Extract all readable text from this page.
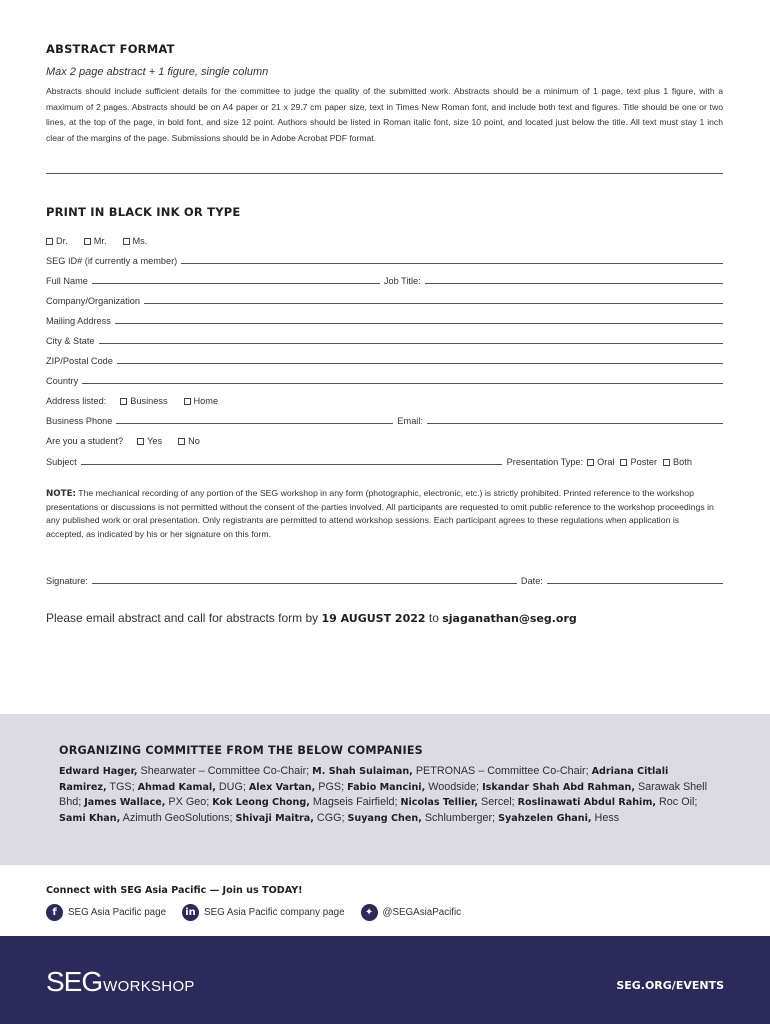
ABSTRACT FORMAT
Max 2 page abstract + 1 figure, single column
Abstracts should include sufficient details for the committee to judge the quality of the submitted work. Abstracts should be a minimum of 1 page, text plus 1 figure, with a maximum of 2 pages. Abstracts should be on A4 paper or 21 x 29.7 cm paper size, text in Times New Roman font, and include both text and figures. Title should be one or two lines, at the top of the page, in bold font, and size 12 point. Authors should be listed in Roman italic font, size 10 point, and located just below the title. All text must stay 1 inch clear of the margins of the page. Submissions should be in Adobe Acrobat PDF format.
PRINT IN BLACK INK OR TYPE
Dr.	Mr.	Ms.
SEG ID# (if currently a member)
Full Name	Job Title:
Company/Organization
Mailing Address
City & State
ZIP/Postal Code
Country
Address listed:	Business	Home
Business Phone	Email:
Are you a student?	Yes	No
Subject	Presentation Type:	Oral Poster Both
NOTE: The mechanical recording of any portion of the SEG workshop in any form (photographic, electronic, etc.) is strictly prohibited. Printed reference to the workshop presentations or discussions is not permitted without the consent of the parties involved. All participants are requested to omit public reference to the workshop proceedings in any published work or oral presentation. Only registrants are permitted to attend workshop sessions. Each participant agrees to these regulations when application is accepted, as indicated by his or her signature on this form.
Signature:	Date:
Please email abstract and call for abstracts form by 19 AUGUST 2022 to sjaganathan@seg.org
ORGANIZING COMMITTEE FROM THE BELOW COMPANIES
Edward Hager, Shearwater – Committee Co-Chair; M. Shah Sulaiman, PETRONAS – Committee Co-Chair; Adriana Citlali Ramirez, TGS; Ahmad Kamal, DUG; Alex Vartan, PGS; Fabio Mancini, Woodside; Iskandar Shah Abd Rahman, Sarawak Shell Bhd; James Wallace, PX Geo; Kok Leong Chong, Magseis Fairfield; Nicolas Tellier, Sercel; Roslinawati Abdul Rahim, Roc Oil; Sami Khan, Azimuth GeoSolutions; Shivaji Maitra, CGG; Suyang Chen, Schlumberger; Syahzelen Ghani, Hess
Connect with SEG Asia Pacific — Join us TODAY!
f	SEG Asia Pacific page	in SEG Asia Pacific company page	✦ @SEGAsiaPacific
SEG WORKSHOP	SEG.ORG/EVENTS
